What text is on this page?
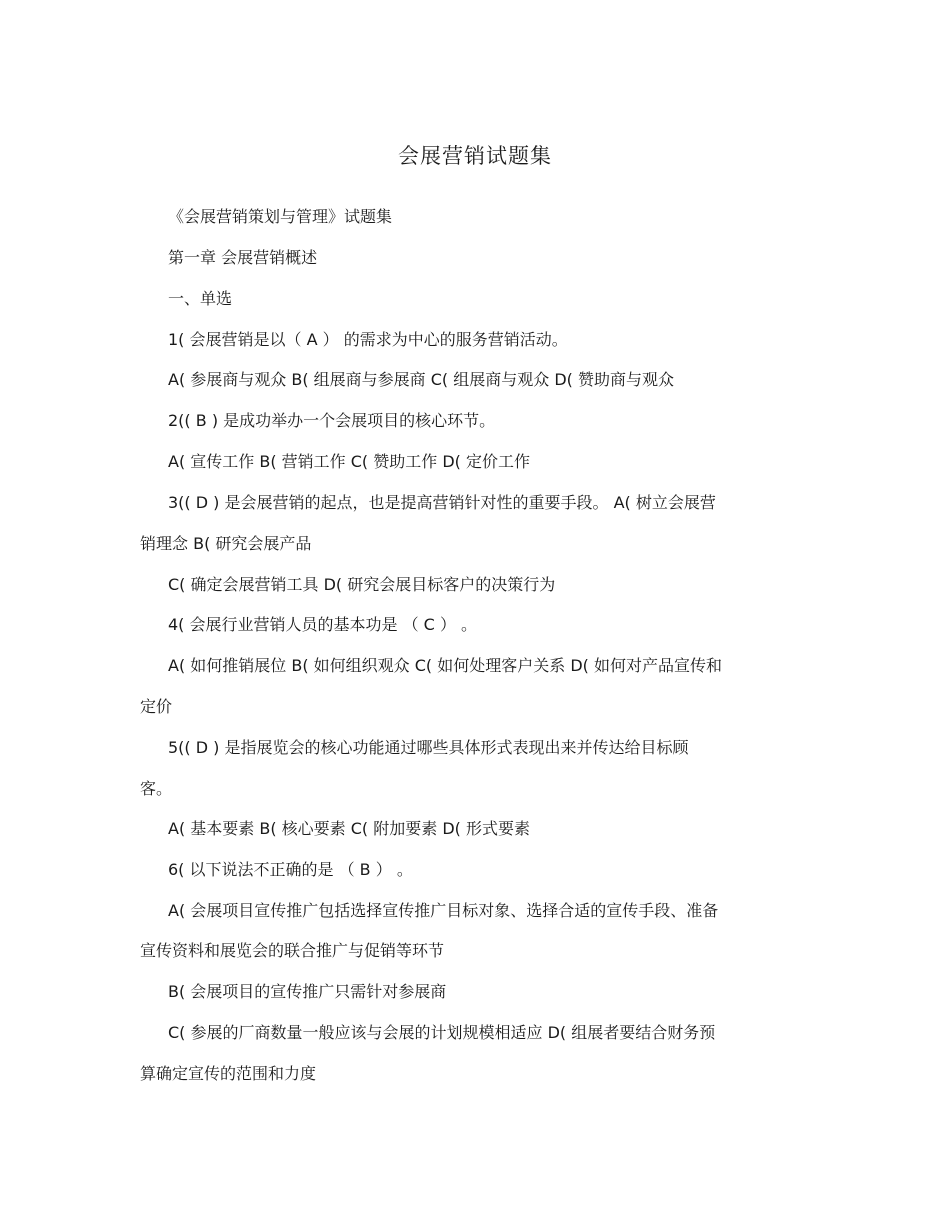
会展营销试题集
《会展营销策划与管理》试题集
第一章 会展营销概述
一、单选
1( 会展营销是以（ A ） 的需求为中心的服务营销活动。
A( 参展商与观众 B( 组展商与参展商 C( 组展商与观众 D( 赞助商与观众
2(( B ) 是成功举办一个会展项目的核心环节。
A( 宣传工作 B( 营销工作 C( 赞助工作 D( 定价工作
3(( D ) 是会展营销的起点，也是提高营销针对性的重要手段。 A( 树立会展营
销理念 B( 研究会展产品
C( 确定会展营销工具 D( 研究会展目标客户的决策行为
4( 会展行业营销人员的基本功是 （ C ） 。
A( 如何推销展位 B( 如何组织观众 C( 如何处理客户关系 D( 如何对产品宣传和
定价
5(( D ) 是指展览会的核心功能通过哪些具体形式表现出来并传达给目标顾
客。
A( 基本要素 B( 核心要素 C( 附加要素 D( 形式要素
6( 以下说法不正确的是 （ B ） 。
A( 会展项目宣传推广包括选择宣传推广目标对象、选择合适的宣传手段、准备
宣传资料和展览会的联合推广与促销等环节
B( 会展项目的宣传推广只需针对参展商
C( 参展的厂商数量一般应该与会展的计划规模相适应 D( 组展者要结合财务预
算确定宣传的范围和力度
